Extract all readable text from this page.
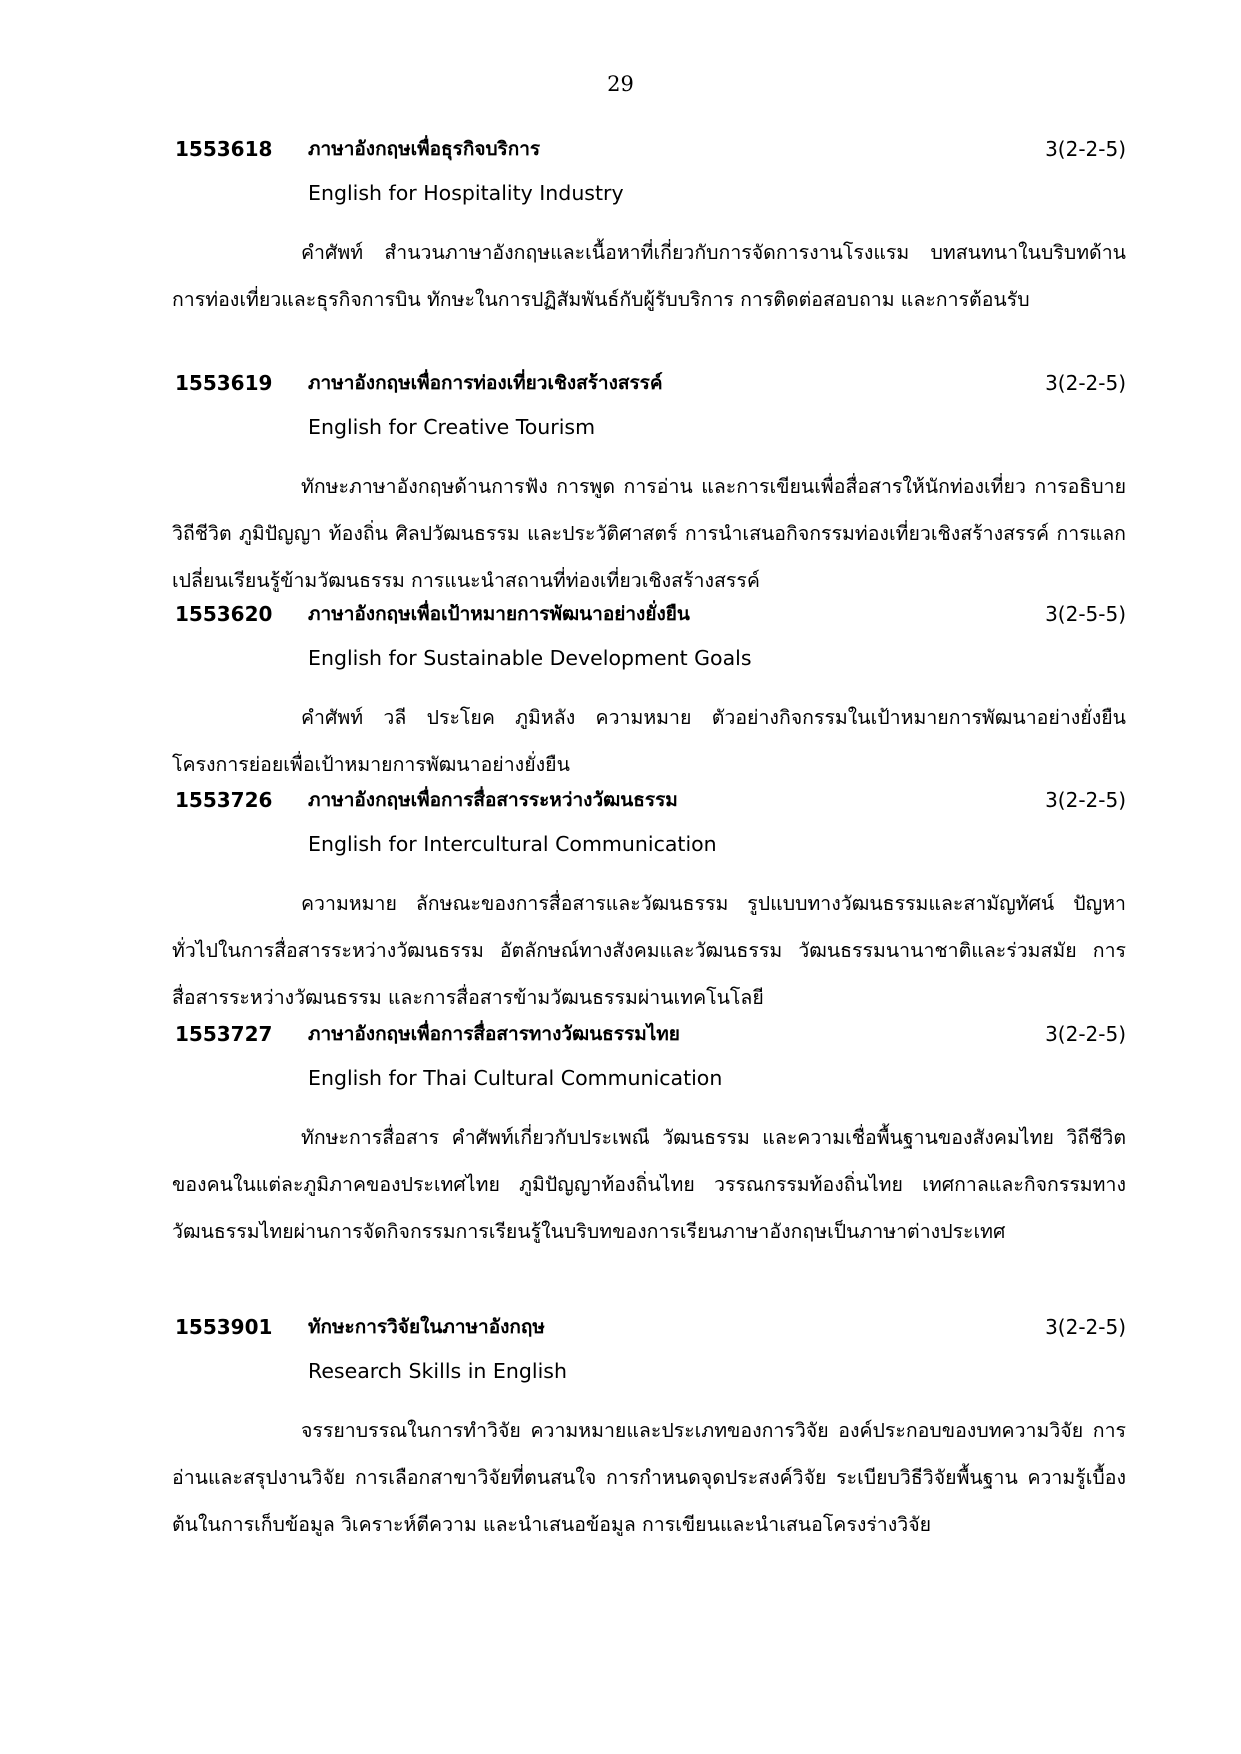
29
1553618 ภาษาอังกฤษเพื่อธุรกิจบริการ	3(2-2-5)
English for Hospitality Industry

คำศัพท์ สำนวนภาษาอังกฤษและเนื้อหาที่เกี่ยวกับการจัดการงานโรงแรม บทสนทนาในบริบทด้านการท่องเที่ยวและธุรกิจการบิน ทักษะในการปฏิสัมพันธ์กับผู้รับบริการ การติดต่อสอบถาม และการต้อนรับ

1553619 ภาษาอังกฤษเพื่อการท่องเที่ยวเชิงสร้างสรรค์	3(2-2-5)
English for Creative Tourism

ทักษะภาษาอังกฤษด้านการฟัง การพูด การอ่าน และการเขียนเพื่อสื่อสารให้นักท่องเที่ยว การอธิบายวิถีชีวิต ภูมิปัญญา ท้องถิ่น ศิลปวัฒนธรรม และประวัติศาสตร์ การนำเสนอกิจกรรมท่องเที่ยวเชิงสร้างสรรค์ การแลกเปลี่ยนเรียนรู้ข้ามวัฒนธรรม การแนะนำสถานที่ท่องเที่ยวเชิงสร้างสรรค์

1553620 ภาษาอังกฤษเพื่อเป้าหมายการพัฒนาอย่างยั่งยืน	3(2-5-5)
English for Sustainable Development Goals

คำศัพท์ วลี ประโยค ภูมิหลัง ความหมาย ตัวอย่างกิจกรรมในเป้าหมายการพัฒนาอย่างยั่งยืน โครงการย่อยเพื่อเป้าหมายการพัฒนาอย่างยั่งยืน

1553726 ภาษาอังกฤษเพื่อการสื่อสารระหว่างวัฒนธรรม	3(2-2-5)
English for Intercultural Communication

ความหมาย ลักษณะของการสื่อสารและวัฒนธรรม รูปแบบทางวัฒนธรรมและสามัญทัศน์ ปัญหาทั่วไปในการสื่อสารระหว่างวัฒนธรรม อัตลักษณ์ทางสังคมและวัฒนธรรม วัฒนธรรมนานาชาติและร่วมสมัย การสื่อสารระหว่างวัฒนธรรม และการสื่อสารข้ามวัฒนธรรมผ่านเทคโนโลยี

1553727 ภาษาอังกฤษเพื่อการสื่อสารทางวัฒนธรรมไทย	3(2-2-5)
English for Thai Cultural Communication

ทักษะการสื่อสาร คำศัพท์เกี่ยวกับประเพณี วัฒนธรรม และความเชื่อพื้นฐานของสังคมไทย วิถีชีวิตของคนในแต่ละภูมิภาคของประเทศไทย ภูมิปัญญาท้องถิ่นไทย วรรณกรรมท้องถิ่นไทย เทศกาลและกิจกรรมทางวัฒนธรรมไทยผ่านการจัดกิจกรรมการเรียนรู้ในบริบทของการเรียนภาษาอังกฤษเป็นภาษาต่างประเทศ

1553901 ทักษะการวิจัยในภาษาอังกฤษ	3(2-2-5)
Research Skills in English

จรรยาบรรณในการทำวิจัย ความหมายและประเภทของการวิจัย องค์ประกอบของบทความวิจัย การอ่านและสรุปงานวิจัย การเลือกสาขาวิจัยที่ตนสนใจ การกำหนดจุดประสงค์วิจัย ระเบียบวิธีวิจัยพื้นฐาน ความรู้เบื้องต้นในการเก็บข้อมูล วิเคราะห์ตีความ และนำเสนอข้อมูล การเขียนและนำเสนอโครงร่างวิจัย
